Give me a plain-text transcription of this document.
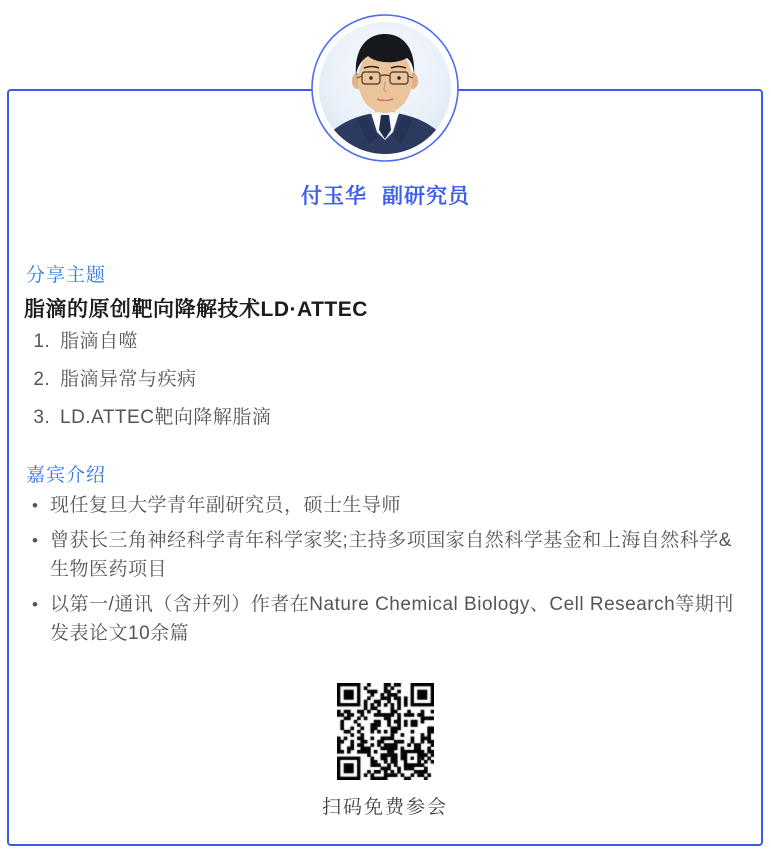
付玉华 副研究员
分享主题
脂滴的原创靶向降解技术LD·ATTEC
1. 脂滴自噬
2. 脂滴异常与疾病
3. LD.ATTEC靶向降解脂滴
嘉宾介绍
• 现任复旦大学青年副研究员，硕士生导师
• 曾获长三角神经科学青年科学家奖;主持多项国家自然科学基金和上海自然科学&生物医药项目
• 以第一/通讯（含并列）作者在Nature Chemical Biology、Cell Research等期刊发表论文10余篇
扫码免费参会
